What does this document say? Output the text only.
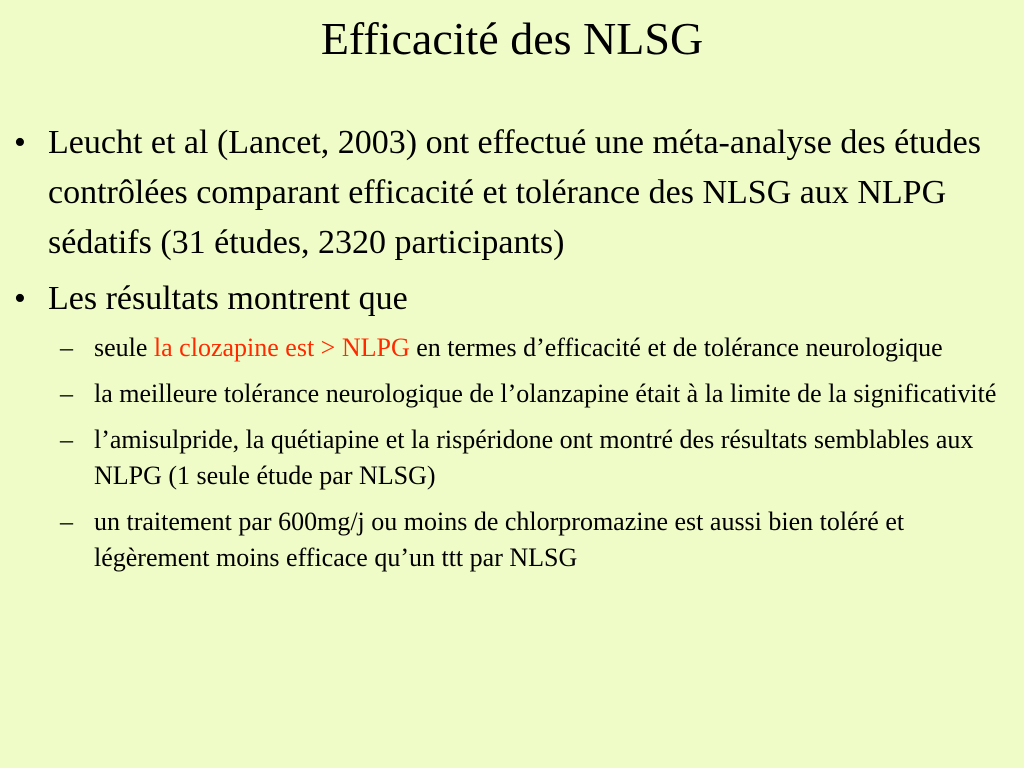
Efficacité des NLSG
• Leucht et al (Lancet, 2003) ont effectué une méta-analyse des études contrôlées comparant efficacité et tolérance des NLSG aux NLPG sédatifs (31 études, 2320 participants)
• Les résultats montrent que
– seule la clozapine est > NLPG en termes d’efficacité et de tolérance neurologique
– la meilleure tolérance neurologique de l’olanzapine était à la limite de la significativité
– l’amisulpride, la quétiapine et la rispéridone ont montré des résultats semblables aux NLPG (1 seule étude par NLSG)
– un traitement par 600mg/j ou moins de chlorpromazine est aussi bien toléré et légèrement moins efficace qu’un ttt par NLSG
